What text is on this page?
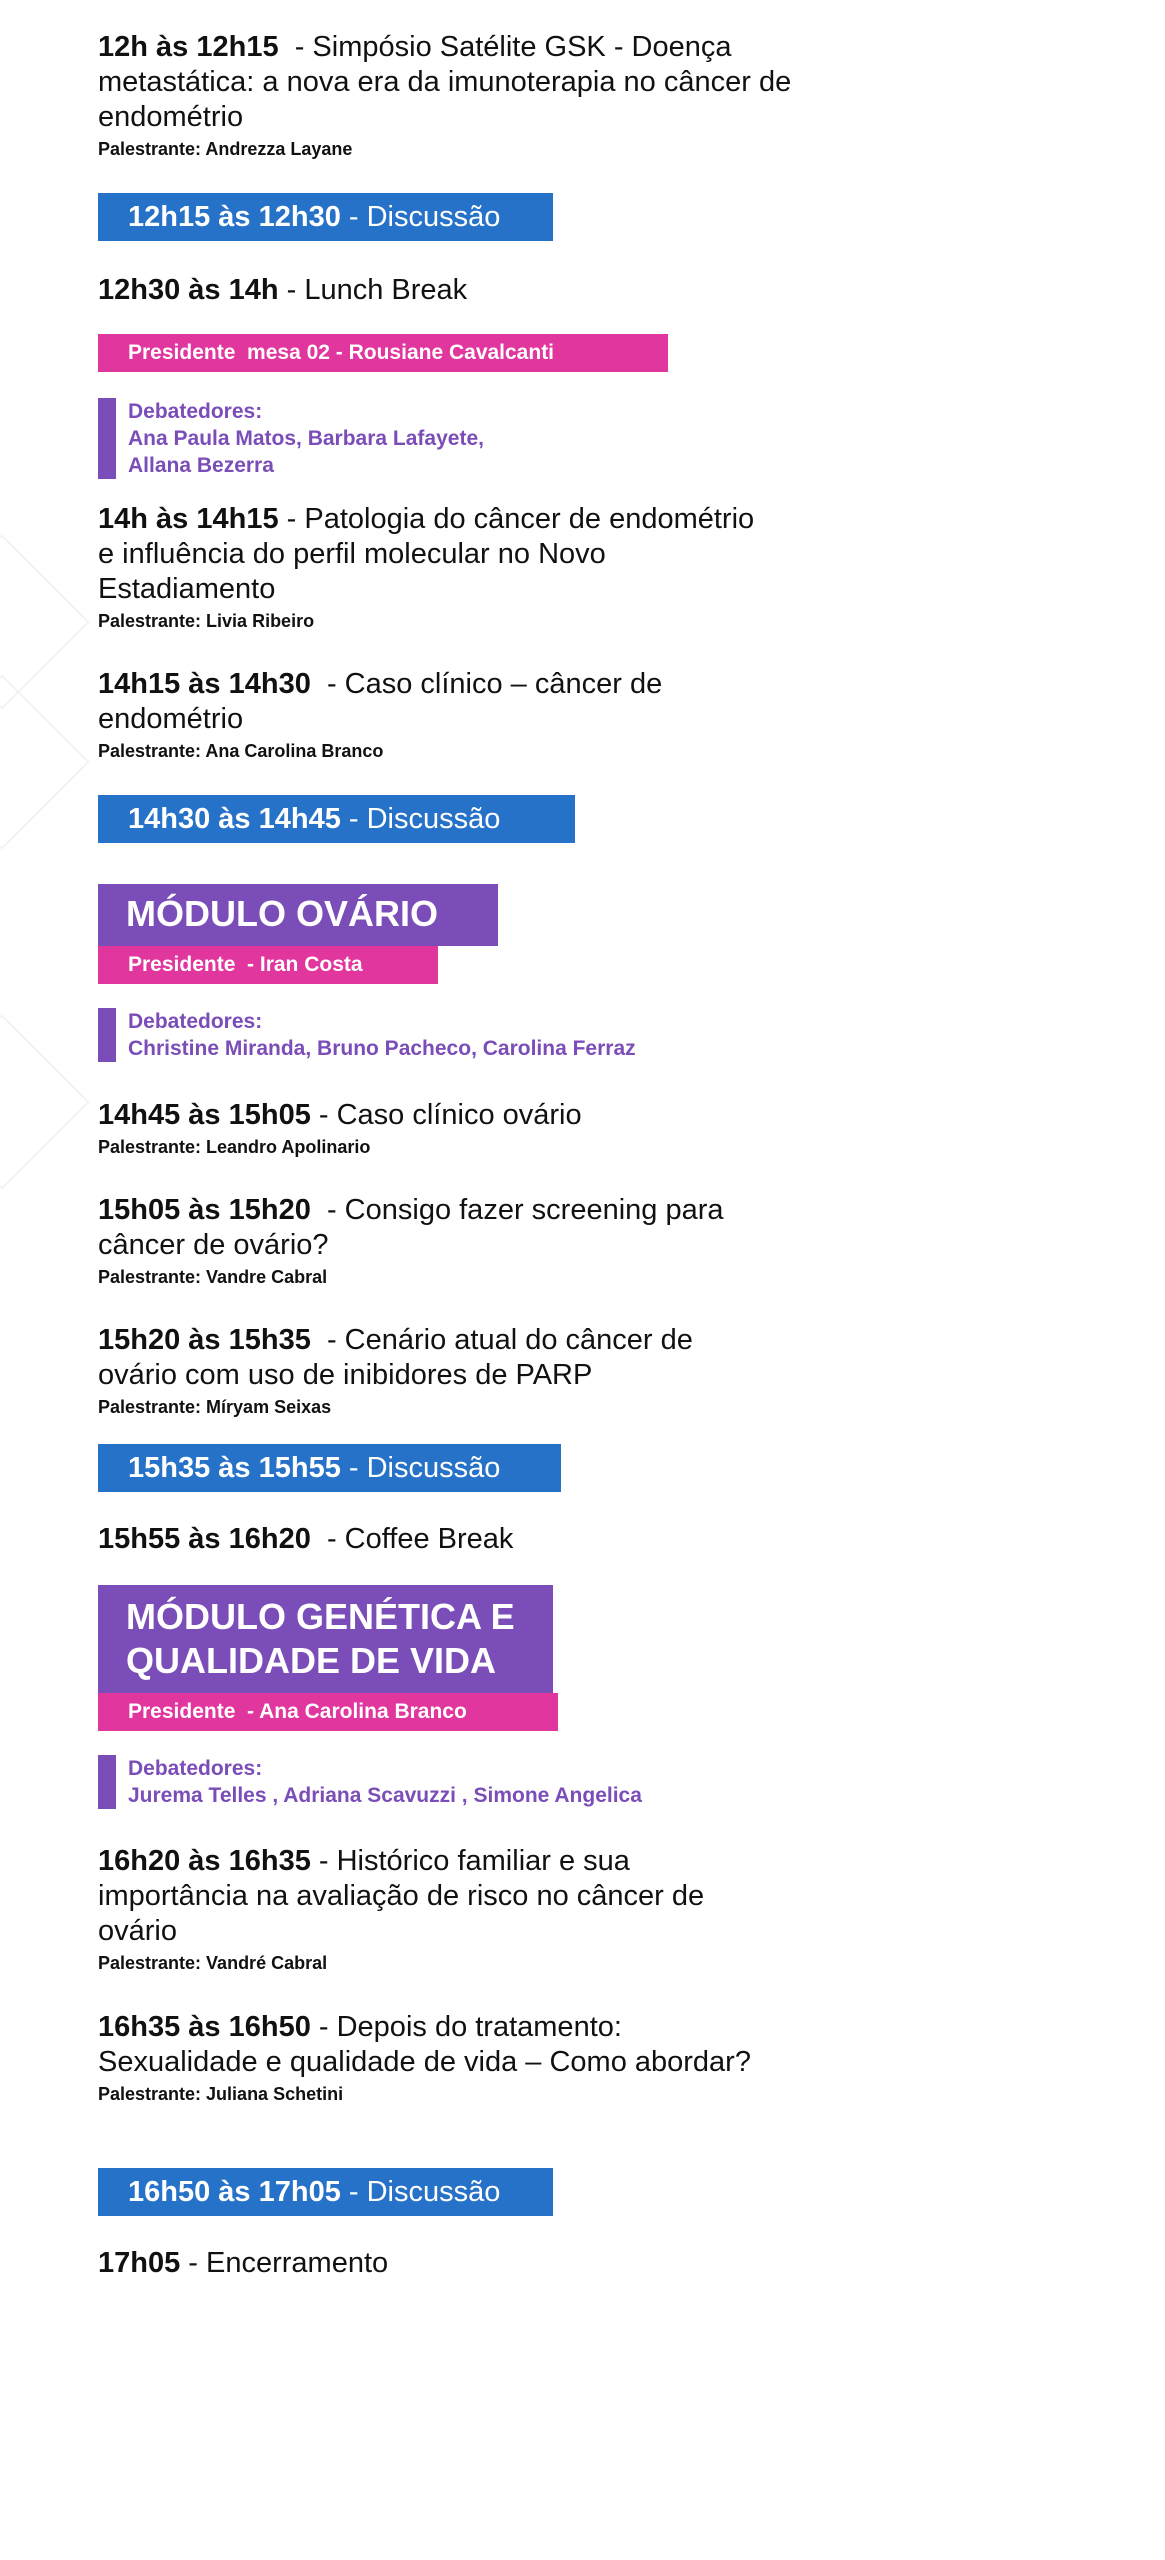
12h às 12h15  - Simpósio Satélite GSK - Doença metastática: a nova era da imunoterapia no câncer de endométrio
Palestrante: Andrezza Layane
12h15 às 12h30 - Discussão
12h30 às 14h - Lunch Break
Presidente  mesa 02 - Rousiane Cavalcanti
Debatedores:
Ana Paula Matos, Barbara Lafayete,
Allana Bezerra
14h às 14h15 - Patologia do câncer de endométrio e influência do perfil molecular no Novo Estadiamento
Palestrante: Livia Ribeiro
14h15 às 14h30  - Caso clínico – câncer de endométrio
Palestrante: Ana Carolina Branco
14h30 às 14h45 - Discussão
MÓDULO OVÁRIO
Presidente  - Iran Costa
Debatedores:
Christine Miranda, Bruno Pacheco, Carolina Ferraz
14h45 às 15h05 - Caso clínico ovário
Palestrante: Leandro Apolinario
15h05 às 15h20  - Consigo fazer screening para câncer de ovário?
Palestrante: Vandre Cabral
15h20 às 15h35  - Cenário atual do câncer de ovário com uso de inibidores de PARP
Palestrante: Míryam Seixas
15h35 às 15h55 - Discussão
15h55 às 16h20  - Coffee Break
MÓDULO GENÉTICA E
QUALIDADE DE VIDA
Presidente  - Ana Carolina Branco
Debatedores:
Jurema Telles , Adriana Scavuzzi , Simone Angelica
16h20 às 16h35 - Histórico familiar e sua importância na avaliação de risco no câncer de ovário
Palestrante: Vandré Cabral
16h35 às 16h50 - Depois do tratamento: Sexualidade e qualidade de vida – Como abordar?
Palestrante: Juliana Schetini
16h50 às 17h05 - Discussão
17h05 - Encerramento
